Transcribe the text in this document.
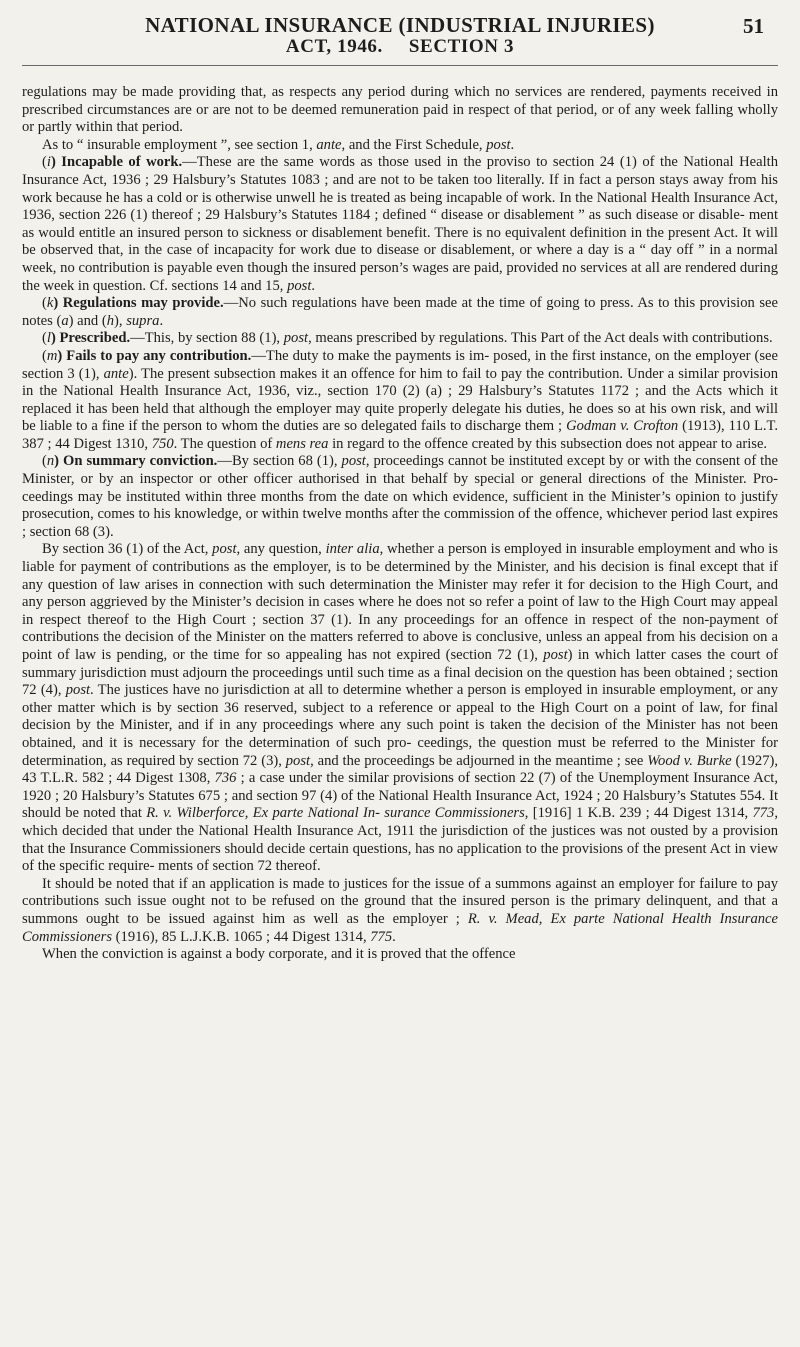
NATIONAL INSURANCE (INDUSTRIAL INJURIES)
ACT, 1946. SECTION 3
51

regulations may be made providing that, as respects any period during which no services are rendered, payments received in prescribed circumstances are or are not to be deemed remuneration paid in respect of that period, or of any week falling wholly or partly within that period.

As to “ insurable employment ”, see section 1, ante, and the First Schedule, post.

(i) Incapable of work.—These are the same words as those used in the proviso to section 24 (1) of the National Health Insurance Act, 1936 ; 29 Halsbury’s Statutes 1083 ; and are not to be taken too literally. If in fact a person stays away from his work because he has a cold or is otherwise unwell he is treated as being incapable of work. In the National Health Insurance Act, 1936, section 226 (1) thereof ; 29 Halsbury’s Statutes 1184 ; defined “ disease or disablement ” as such disease or disable- ment as would entitle an insured person to sickness or disablement benefit. There is no equivalent definition in the present Act. It will be observed that, in the case of incapacity for work due to disease or disablement, or where a day is a “ day off ” in a normal week, no contribution is payable even though the insured person’s wages are paid, provided no services at all are rendered during the week in question. Cf. sections 14 and 15, post.

(k) Regulations may provide.—No such regulations have been made at the time of going to press. As to this provision see notes (a) and (h), supra.

(l) Prescribed.—This, by section 88 (1), post, means prescribed by regulations. This Part of the Act deals with contributions.

(m) Fails to pay any contribution.—The duty to make the payments is im- posed, in the first instance, on the employer (see section 3 (1), ante). The present subsection makes it an offence for him to fail to pay the contribution. Under a similar provision in the National Health Insurance Act, 1936, viz., section 170 (2) (a) ; 29 Halsbury’s Statutes 1172 ; and the Acts which it replaced it has been held that although the employer may quite properly delegate his duties, he does so at his own risk, and will be liable to a fine if the person to whom the duties are so delegated fails to discharge them ; Godman v. Crofton (1913), 110 L.T. 387 ; 44 Digest 1310, 750. The question of mens rea in regard to the offence created by this subsection does not appear to arise.

(n) On summary conviction.—By section 68 (1), post, proceedings cannot be instituted except by or with the consent of the Minister, or by an inspector or other officer authorised in that behalf by special or general directions of the Minister. Pro- ceedings may be instituted within three months from the date on which evidence, sufficient in the Minister’s opinion to justify prosecution, comes to his knowledge, or within twelve months after the commission of the offence, whichever period last expires ; section 68 (3).

By section 36 (1) of the Act, post, any question, inter alia, whether a person is employed in insurable employment and who is liable for payment of contributions as the employer, is to be determined by the Minister, and his decision is final except that if any question of law arises in connection with such determination the Minister may refer it for decision to the High Court, and any person aggrieved by the Minister’s decision in cases where he does not so refer a point of law to the High Court may appeal in respect thereof to the High Court ; section 37 (1). In any proceedings for an offence in respect of the non-payment of contributions the decision of the Minister on the matters referred to above is conclusive, unless an appeal from his decision on a point of law is pending, or the time for so appealing has not expired (section 72 (1), post) in which latter cases the court of summary jurisdiction must adjourn the proceedings until such time as a final decision on the question has been obtained ; section 72 (4), post. The justices have no jurisdiction at all to determine whether a person is employed in insurable employment, or any other matter which is by section 36 reserved, subject to a reference or appeal to the High Court on a point of law, for final decision by the Minister, and if in any proceedings where any such point is taken the decision of the Minister has not been obtained, and it is necessary for the determination of such pro- ceedings, the question must be referred to the Minister for determination, as required by section 72 (3), post, and the proceedings be adjourned in the meantime ; see Wood v. Burke (1927), 43 T.L.R. 582 ; 44 Digest 1308, 736 ; a case under the similar provisions of section 22 (7) of the Unemployment Insurance Act, 1920 ; 20 Halsbury’s Statutes 675 ; and section 97 (4) of the National Health Insurance Act, 1924 ; 20 Halsbury’s Statutes 554. It should be noted that R. v. Wilberforce, Ex parte National In- surance Commissioners, [1916] 1 K.B. 239 ; 44 Digest 1314, 773, which decided that under the National Health Insurance Act, 1911 the jurisdiction of the justices was not ousted by a provision that the Insurance Commissioners should decide certain questions, has no application to the provisions of the present Act in view of the specific require- ments of section 72 thereof.

It should be noted that if an application is made to justices for the issue of a summons against an employer for failure to pay contributions such issue ought not to be refused on the ground that the insured person is the primary delinquent, and that a summons ought to be issued against him as well as the employer ; R. v. Mead, Ex parte National Health Insurance Commissioners (1916), 85 L.J.K.B. 1065 ; 44 Digest 1314, 775.

When the conviction is against a body corporate, and it is proved that the offence
